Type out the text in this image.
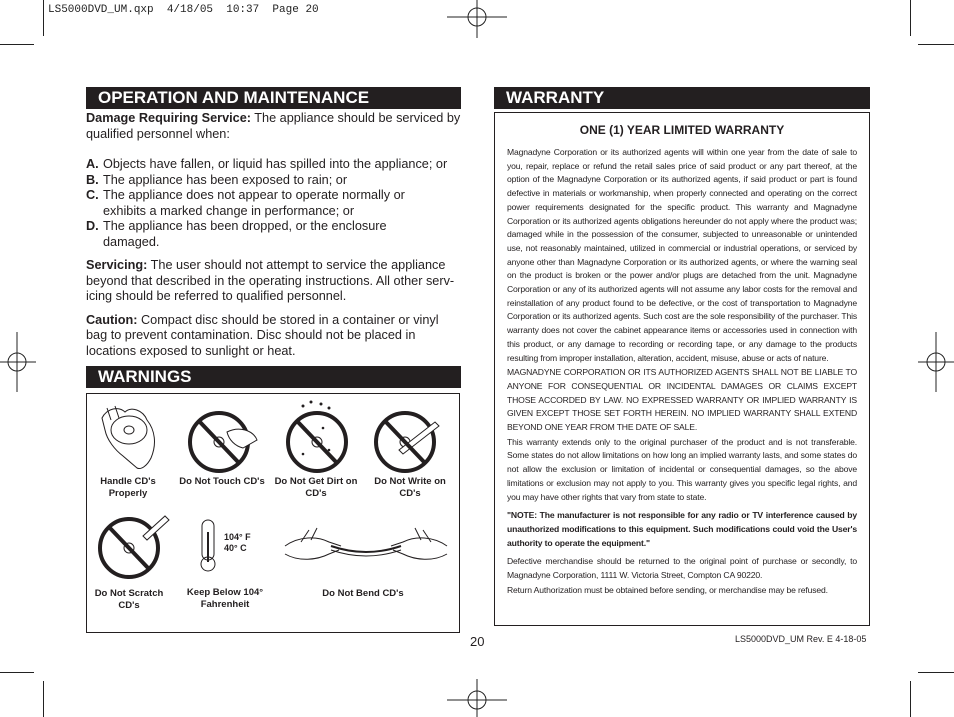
LS5000DVD_UM.qxp  4/18/05  10:37  Page 20
OPERATION AND MAINTENANCE

Damage Requiring Service: The appliance should be serviced by qualified personnel when:

A. Objects have fallen, or liquid has spilled into the appliance; or
B. The appliance has been exposed to rain; or
C. The appliance does not appear to operate normally or exhibits a marked change in performance; or
D. The appliance has been dropped, or the enclosure damaged.

Servicing: The user should not attempt to service the appliance beyond that described in the operating instructions. All other serv-icing should be referred to qualified personnel.

Caution: Compact disc should be stored in a container or vinyl bag to prevent contamination. Disc should not be placed in locations exposed to sunlight or heat.

WARNINGS
Handle CD's Properly
Do Not Touch CD's	Do Not Get Dirt on CD's
Do Not Write on CD's
Do Not Scratch CD's
104° F
40° C
Keep Below 104° Fahrenheit
Do Not Bend CD's
WARRANTY
ONE (1) YEAR LIMITED WARRANTY

Magnadyne Corporation or its authorized agents will within one year from the date of sale to you, repair, replace or refund the retail sales price of said product or any part thereof, at the option of the Magnadyne Corporation or its authorized agents, if said product or part is found defective in materials or workmanship, when properly connected and operating on the correct power requirements designated for the specific product. This warranty and Magnadyne Corporation or its authorized agents obligations hereunder do not apply where the product was; damaged while in the possession of the consumer, subjected to unreasonable or unintended use, not reasonably maintained, utilized in commercial or industrial operations, or serviced by anyone other than Magnadyne Corporation or its authorized agents, or where the warning seal on the product is broken or the power and/or plugs are detached from the unit. Magnadyne Corporation or any of its authorized agents will not assume any labor costs for the removal and reinstallation of any product found to be defective, or the cost of transportation to Magnadyne Corporation or its authorized agents. Such cost are the sole responsibility of the purchaser. This warranty does not cover the cabinet appearance items or accessories used in connection with this product, or any damage to recording or recording tape, or any damage to the products resulting from improper installation, alteration, accident, misuse, abuse or acts of nature.

MAGNADYNE CORPORATION OR ITS AUTHORIZED AGENTS SHALL NOT BE LIABLE TO ANYONE FOR CONSEQUENTIAL OR INCIDENTAL DAMAGES OR CLAIMS EXCEPT THOSE ACCORDED BY LAW. NO EXPRESSED WARRANTY OR IMPLIED WARRANTY IS GIVEN EXCEPT THOSE SET FORTH HEREIN. NO IMPLIED WARRANTY SHALL EXTEND BEYOND ONE YEAR FROM THE DATE OF SALE.

This warranty extends only to the original purchaser of the product and is not transferable. Some states do not allow limitations on how long an implied warranty lasts, and some states do not allow the exclusion or limitation of incidental or consequential damages, so the above limitations or exclusion may not apply to you. This warranty gives you specific legal rights, and you may have other rights that vary from state to state.

"NOTE: The manufacturer is not responsible for any radio or TV interference caused by unauthorized modifications to this equipment. Such modifications could void the User's authority to operate the equipment."

Defective merchandise should be returned to the original point of purchase or secondly, to Magnadyne Corporation, 1111 W. Victoria Street, Compton CA 90220.

Return Authorization must be obtained before sending, or merchandise may be refused.

20	LS5000DVD_UM Rev. E 4-18-05
